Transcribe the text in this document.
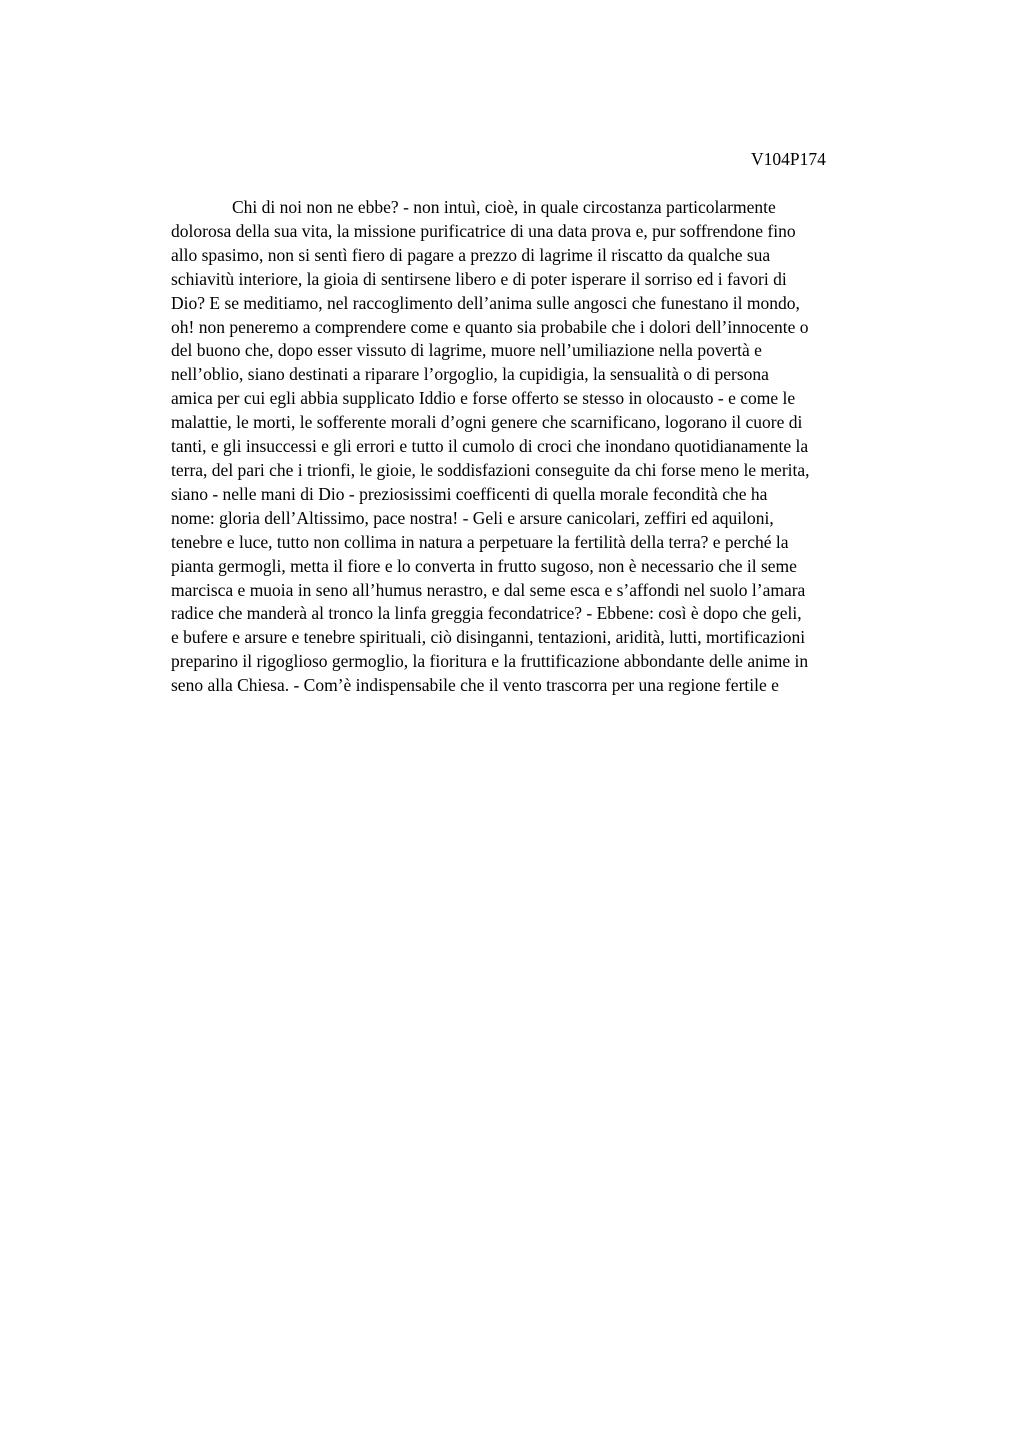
V104P174
Chi di noi non ne ebbe? - non intuì, cioè, in quale circostanza particolarmente
dolorosa della sua vita, la missione purificatrice di una data prova e, pur soffrendone fino
allo spasimo, non si sentì fiero di pagare a prezzo di lagrime il riscatto da qualche sua
schiavitù interiore, la gioia di sentirsene libero e di poter isperare il sorriso ed i favori di
Dio? E se meditiamo, nel raccoglimento dell’anima sulle angosci che funestano il mondo,
oh! non peneremo a comprendere come e quanto sia probabile che i dolori dell’innocente o
del buono che, dopo esser vissuto di lagrime, muore nell’umiliazione nella povertà e
nell’oblio, siano destinati a riparare l’orgoglio, la cupidigia, la sensualità o di persona
amica per cui egli abbia supplicato Iddio e forse offerto se stesso in olocausto - e come le
malattie, le morti, le sofferente morali d’ogni genere che scarnificano, logorano il cuore di
tanti, e gli insuccessi e gli errori e tutto il cumolo di croci che inondano quotidianamente la
terra, del pari che i trionfi, le gioie, le soddisfazioni conseguite da chi forse meno le merita,
siano - nelle mani di Dio - preziosissimi coefficenti di quella morale fecondità che ha
nome: gloria dell’Altissimo, pace nostra! - Geli e arsure canicolari, zeffiri ed aquiloni,
tenebre e luce, tutto non collima in natura a perpetuare la fertilità della terra? e perché la
pianta germogli, metta il fiore e lo converta in frutto sugoso, non è necessario che il seme
marcisca e muoia in seno all’humus nerastro, e dal seme esca e s’affondi nel suolo l’amara
radice che manderà al tronco la linfa greggia fecondatrice? - Ebbene: così è dopo che geli,
e bufere e arsure e tenebre spirituali, ciò disinganni, tentazioni, aridità, lutti, mortificazioni
preparino il rigoglioso germoglio, la fioritura e la fruttificazione abbondante delle anime in
seno alla Chiesa. - Com’è indispensabile che il vento trascorra per una regione fertile e
